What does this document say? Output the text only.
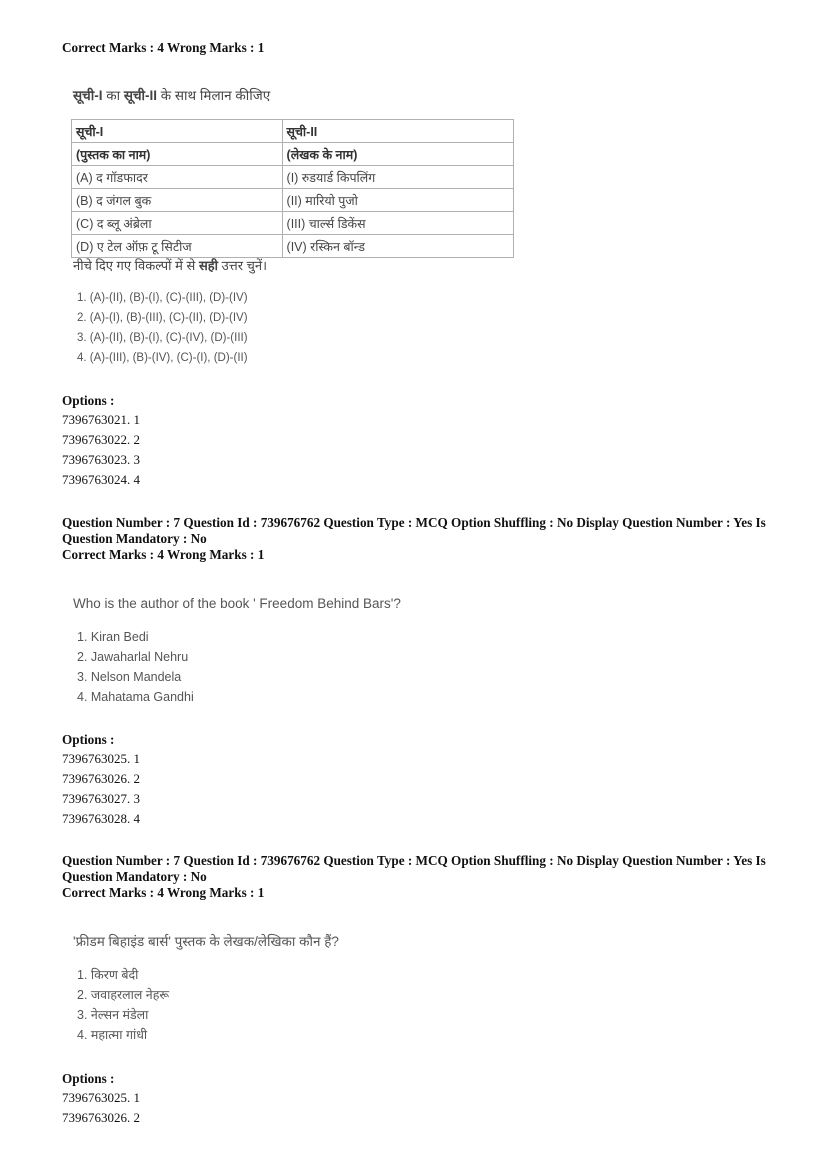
Correct Marks : 4 Wrong Marks : 1
सूची-I का सूची-II के साथ मिलान कीजिए
सूची-I	सूची-II
(पुस्तक का नाम)	(लेखक के नाम)
(A) द गॉडफादर	(I) रुडयार्ड किपलिंग
(B) द जंगल बुक	(II) मारियो पुजो
(C) द ब्लू अंब्रेला	(III) चार्ल्स डिकेंस
(D) ए टेल ऑफ़ टू सिटीज	(IV) रस्किन बॉन्ड
नीचे दिए गए विकल्पों में से सही उत्तर चुनें।
1. (A)-(II), (B)-(I), (C)-(III), (D)-(IV)
2. (A)-(I), (B)-(III), (C)-(II), (D)-(IV)
3. (A)-(II), (B)-(I), (C)-(IV), (D)-(III)
4. (A)-(III), (B)-(IV), (C)-(I), (D)-(II)
Options :
7396763021. 1
7396763022. 2
7396763023. 3
7396763024. 4
Question Number : 7 Question Id : 739676762 Question Type : MCQ Option Shuffling : No Display Question Number : Yes Is
Question Mandatory : No
Correct Marks : 4 Wrong Marks : 1
Who is the author of the book ' Freedom Behind Bars'?
1. Kiran Bedi
2. Jawaharlal Nehru
3. Nelson Mandela
4. Mahatama Gandhi
Options :
7396763025. 1
7396763026. 2
7396763027. 3
7396763028. 4
Question Number : 7 Question Id : 739676762 Question Type : MCQ Option Shuffling : No Display Question Number : Yes Is
Question Mandatory : No
Correct Marks : 4 Wrong Marks : 1
'फ्रीडम बिहाइंड बार्स' पुस्तक के लेखक/लेखिका कौन हैं?
1. किरण बेदी
2. जवाहरलाल नेहरू
3. नेल्सन मंडेला
4. महात्मा गांधी
Options :
7396763025. 1
7396763026. 2
